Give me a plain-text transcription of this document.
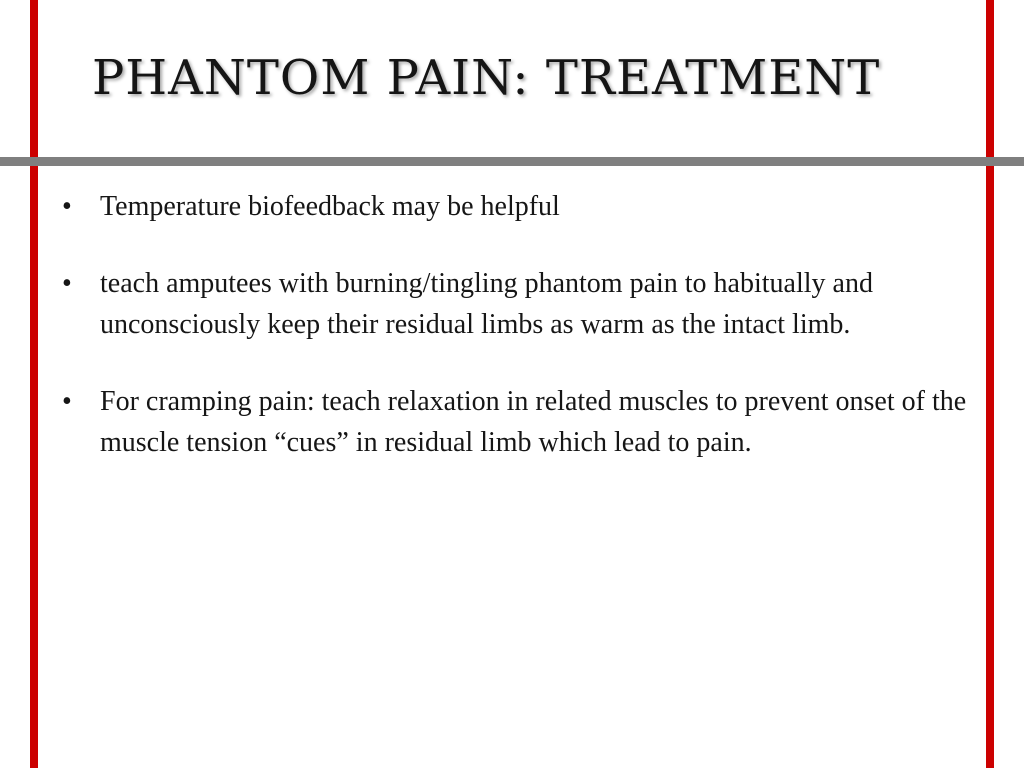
PHANTOM PAIN: TREATMENT
•	Temperature biofeedback may be helpful
•	teach amputees with burning/tingling phantom pain to habitually and unconsciously keep their residual limbs as warm as the intact limb.
•	For cramping pain: teach relaxation in related muscles to prevent onset of the muscle tension “cues” in residual limb which lead to pain.
